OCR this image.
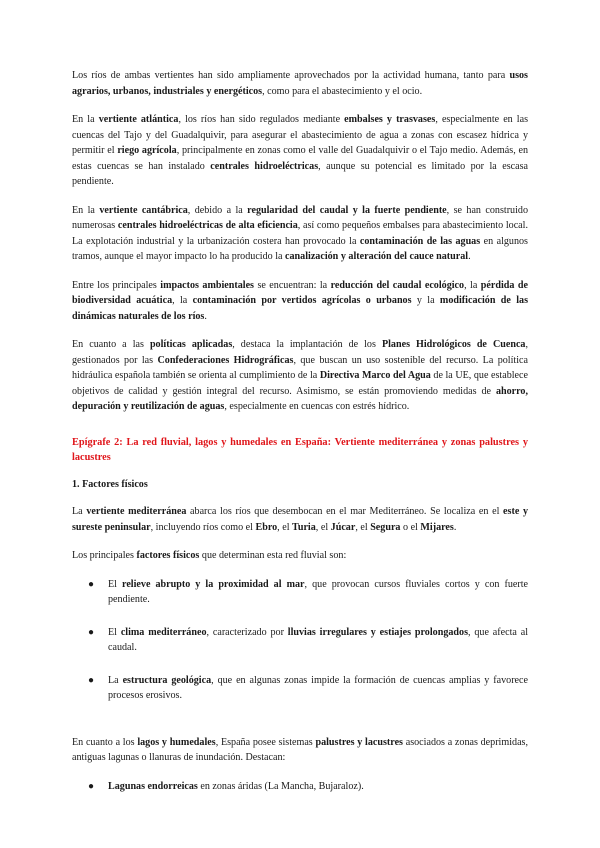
Los ríos de ambas vertientes han sido ampliamente aprovechados por la actividad humana, tanto para usos agrarios, urbanos, industriales y energéticos, como para el abastecimiento y el ocio.

En la vertiente atlántica, los ríos han sido regulados mediante embalses y trasvases, especialmente en las cuencas del Tajo y del Guadalquivir, para asegurar el abastecimiento de agua a zonas con escasez hídrica y permitir el riego agrícola, principalmente en zonas como el valle del Guadalquivir o el Tajo medio. Además, en estas cuencas se han instalado centrales hidroeléctricas, aunque su potencial es limitado por la escasa pendiente.

En la vertiente cantábrica, debido a la regularidad del caudal y la fuerte pendiente, se han construido numerosas centrales hidroeléctricas de alta eficiencia, así como pequeños embalses para abastecimiento local. La explotación industrial y la urbanización costera han provocado la contaminación de las aguas en algunos tramos, aunque el mayor impacto lo ha producido la canalización y alteración del cauce natural.

Entre los principales impactos ambientales se encuentran: la reducción del caudal ecológico, la pérdida de biodiversidad acuática, la contaminación por vertidos agrícolas o urbanos y la modificación de las dinámicas naturales de los ríos.

En cuanto a las políticas aplicadas, destaca la implantación de los Planes Hidrológicos de Cuenca, gestionados por las Confederaciones Hidrográficas, que buscan un uso sostenible del recurso. La política hidráulica española también se orienta al cumplimiento de la Directiva Marco del Agua de la UE, que establece objetivos de calidad y gestión integral del recurso. Asimismo, se están promoviendo medidas de ahorro, depuración y reutilización de aguas, especialmente en cuencas con estrés hídrico.

Epígrafe 2: La red fluvial, lagos y humedales en España: Vertiente mediterránea y zonas palustres y lacustres
1. Factores físicos

La vertiente mediterránea abarca los ríos que desembocan en el mar Mediterráneo. Se localiza en el este y sureste peninsular, incluyendo ríos como el Ebro, el Turia, el Júcar, el Segura o el Mijares.

Los principales factores físicos que determinan esta red fluvial son:

● El relieve abrupto y la proximidad al mar, que provocan cursos fluviales cortos y con fuerte pendiente.
● El clima mediterráneo, caracterizado por lluvias irregulares y estiajes prolongados, que afecta al caudal.
● La estructura geológica, que en algunas zonas impide la formación de cuencas amplias y favorece procesos erosivos.

En cuanto a los lagos y humedales, España posee sistemas palustres y lacustres asociados a zonas deprimidas, antiguas lagunas o llanuras de inundación. Destacan:

● Lagunas endorreicas en zonas áridas (La Mancha, Bujaraloz).
